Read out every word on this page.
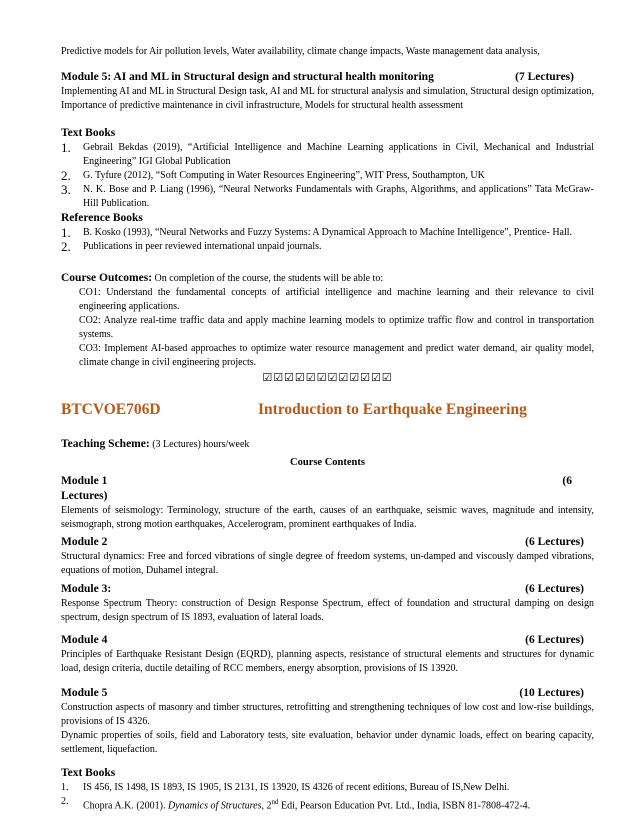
Predictive models for Air pollution levels, Water availability, climate change impacts, Waste management data analysis,

Module 5: AI and ML in Structural design and structural health monitoring	(7 Lectures)

Implementing AI and ML in Structural Design task, AI and ML for structural analysis and simulation, Structural design optimization, Importance of predictive maintenance in civil infrastructure, Models for structural health assessment

Text Books
1.	Gebrail Bekdas (2019), “Artificial Intelligence and Machine Learning applications in Civil, Mechanical and Industrial Engineering” IGI Global Publication
2.	G. Tyfure (2012), “Soft Computing in Water Resources Engineering”, WIT Press, Southampton, UK
3.	N. K. Bose and P. Liang (1996), “Neural Networks Fundamentals with Graphs, Algorithms, and applications” Tata McGraw-Hill Publication.
Reference Books
1.	B. Kosko (1993), “Neural Networks and Fuzzy Systems: A Dynamical Approach to Machine Intelligence”, Prentice- Hall.
2.	Publications in peer reviewed international unpaid journals.

Course Outcomes: On completion of the course, the students will be able to:

CO1: Understand the fundamental concepts of artificial intelligence and machine learning and their relevance to civil engineering applications.

CO2: Analyze real-time traffic data and apply machine learning models to optimize traffic flow and control in transportation systems.

CO3: Implement AI-based approaches to optimize water resource management and predict water demand, air quality model, climate change in civil engineering projects.

☑☑☑☑☑☑☑☑☑☑☑☑

BTCVOE706D	Introduction to Earthquake Engineering

Teaching Scheme: (3 Lectures) hours/week

Course Contents
Module 1	(6
Lectures)

Elements of seismology: Terminology, structure of the earth, causes of an earthquake, seismic waves, magnitude and intensity, seismograph, strong motion earthquakes, Accelerogram, prominent earthquakes of India.

Module 2	(6 Lectures)

Structural dynamics: Free and forced vibrations of single degree of freedom systems, un-damped and viscously damped vibrations, equations of motion, Duhamel integral.

Module 3:	(6 Lectures)

Response Spectrum Theory: construction of Design Response Spectrum, effect of foundation and structural damping on design spectrum, design spectrum of IS 1893, evaluation of lateral loads.

Module 4	(6 Lectures)

Principles of Earthquake Resistant Design (EQRD), planning aspects, resistance of structural elements and structures for dynamic load, design criteria, ductile detailing of RCC members, energy absorption, provisions of IS 13920.

Module 5	(10 Lectures)

Construction aspects of masonry and timber structures, retrofitting and strengthening techniques of low cost and low-rise buildings, provisions of IS 4326.

Dynamic properties of soils, field and Laboratory tests, site evaluation, behavior under dynamic loads, effect on bearing capacity, settlement, liquefaction.

Text Books
1.	IS 456, IS 1498, IS 1893, IS 1905, IS 2131, IS 13920, IS 4326 of recent editions, Bureau of IS,New Delhi.
2.	Chopra A.K. (2001). Dynamics of Structures, 2nd Edi, Pearson Education Pvt. Ltd., India, ISBN 81-7808-472-4.
